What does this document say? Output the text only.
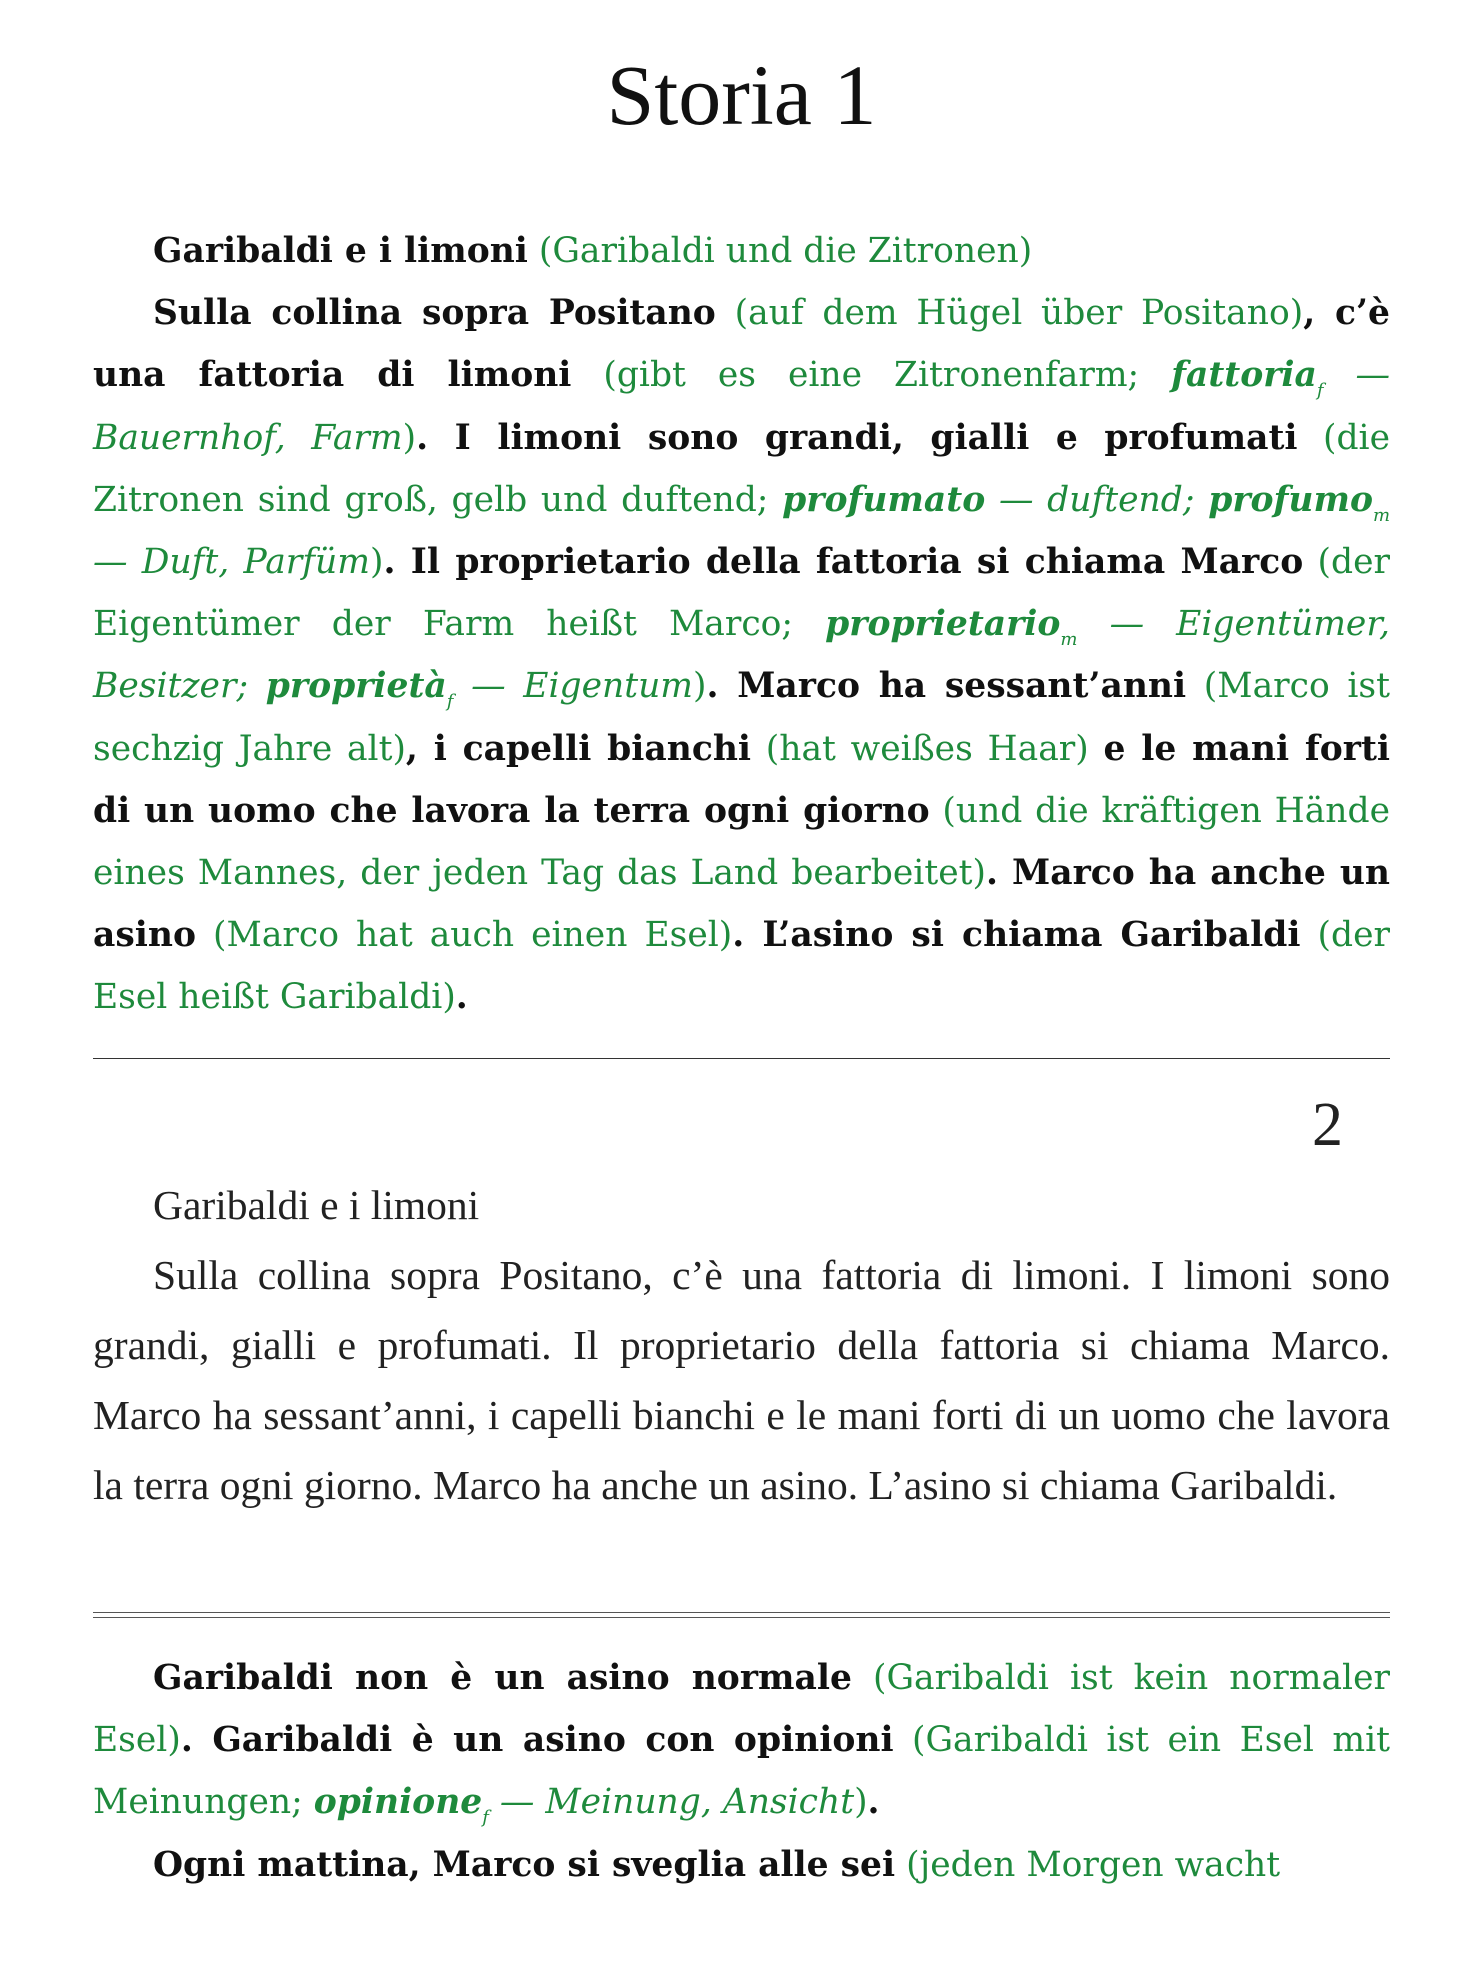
Storia 1

Garibaldi e i limoni (Garibaldi und die Zitronen)

Sulla collina sopra Positano (auf dem Hügel über Positano), c’è una fattoria di limoni (gibt es eine Zitronenfarm; fattoria$_f$ — Bauernhof, Farm). I limoni sono grandi, gialli e profumati (die Zitronen sind groß, gelb und duftend; profumato — duftend; profumo$_m$ — Duft, Parfüm). Il proprietario della fattoria si chiama Marco (der Eigentümer der Farm heißt Marco; proprietario$_m$ — Eigentümer, Besitzer; proprietà$_f$ — Eigentum). Marco ha sessant’anni (Marco ist sechzig Jahre alt), i capelli bianchi (hat weißes Haar) e le mani forti di un uomo che lavora la terra ogni giorno (und die kräftigen Hände eines Mannes, der jeden Tag das Land bearbeitet). Marco ha anche un asino (Marco hat auch einen Esel). L’asino si chiama Garibaldi (der Esel heißt Garibaldi).

2

Garibaldi e i limoni

Sulla collina sopra Positano, c’è una fattoria di limoni. I limoni sono grandi, gialli e profumati. Il proprietario della fattoria si chiama Marco. Marco ha sessant’anni, i capelli bianchi e le mani forti di un uomo che lavora la terra ogni giorno. Marco ha anche un asino. L’asino si chiama Garibaldi.

Garibaldi non è un asino normale (Garibaldi ist kein normaler Esel). Garibaldi è un asino con opinioni (Garibaldi ist ein Esel mit Meinungen; opinione$_f$ — Meinung, Ansicht).

Ogni mattina, Marco si sveglia alle sei (jeden Morgen wacht
